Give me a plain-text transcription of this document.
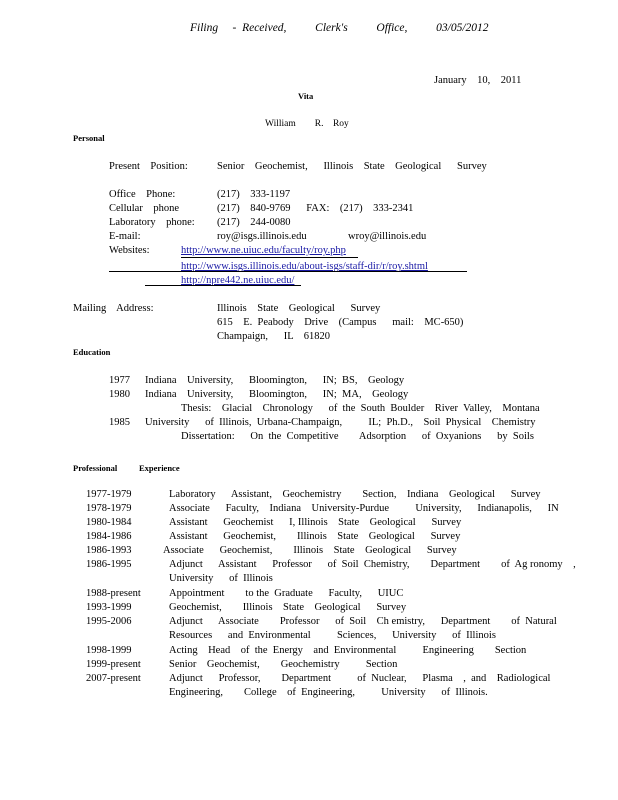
Filing     -  Received,          Clerk's          Office,          03/05/2012
January    10,    2011
Vita
William        R.    Roy
Personal
Present    Position:	Senior    Geochemist,      Illinois    State    Geological      Survey
Office    Phone:	(217)    333-1197
Cellular    phone	(217)    840-9769      FAX:    (217)    333-2341
Laboratory    phone: (217)    244-0080
E-mail:	roy@isgs.illinois.edu	wroy@illinois.edu
Websites:	http://www.ne.uiuc.edu/faculty/roy.php
http://www.isgs.illinois.edu/about-isgs/staff-dir/r/roy.shtml
http://npre442.ne.uiuc.edu/
Mailing    Address:	Illinois    State    Geological      Survey
615    E.  Peabody    Drive    (Campus      mail:    MC-650)
Champaign,      IL    61820
Education
1977 Indiana    University,      Bloomington,      IN;  BS,    Geology
1980 Indiana    University,      Bloomington,      IN;  MA,    Geology
Thesis:    Glacial    Chronology      of  the  South  Boulder    River  Valley,    Montana
1985 University      of  Illinois,  Urbana-Champaign,          IL;  Ph.D.,    Soil  Physical    Chemistry
Dissertation:      On  the  Competitive        Adsorption      of  Oxyanions      by  Soils
Professional	Experience
1977-1979	Laboratory      Assistant,    Geochemistry        Section,    Indiana    Geological      Survey
1978-1979	Associate      Faculty,    Indiana    University-Purdue          University,      Indianapolis,      IN
1980-1984	Assistant      Geochemist      I, Illinois    State    Geological      Survey
1984-1986	Assistant      Geochemist,        Illinois    State    Geological      Survey
1986-1993	Associate      Geochemist,        Illinois    State    Geological      Survey
1986-1995	Adjunct      Assistant      Professor      of  Soil  Chemistry,        Department        of  Ag ronomy    ,
University      of  Illinois
1988-present	Appointment        to the  Graduate      Faculty,      UIUC
1993-1999	Geochemist,        Illinois    State    Geological      Survey
1995-2006	Adjunct      Associate        Professor      of  Soil    Ch emistry,      Department        of  Natural
Resources      and  Environmental          Sciences,      University      of  Illinois
1998-1999	Acting    Head    of  the  Energy    and  Environmental          Engineering        Section
1999-present	Senior    Geochemist,        Geochemistry          Section
2007-present	Adjunct      Professor,        Department          of  Nuclear,      Plasma    ,  and    Radiological
Engineering,        College    of  Engineering,          University      of  Illinois.
